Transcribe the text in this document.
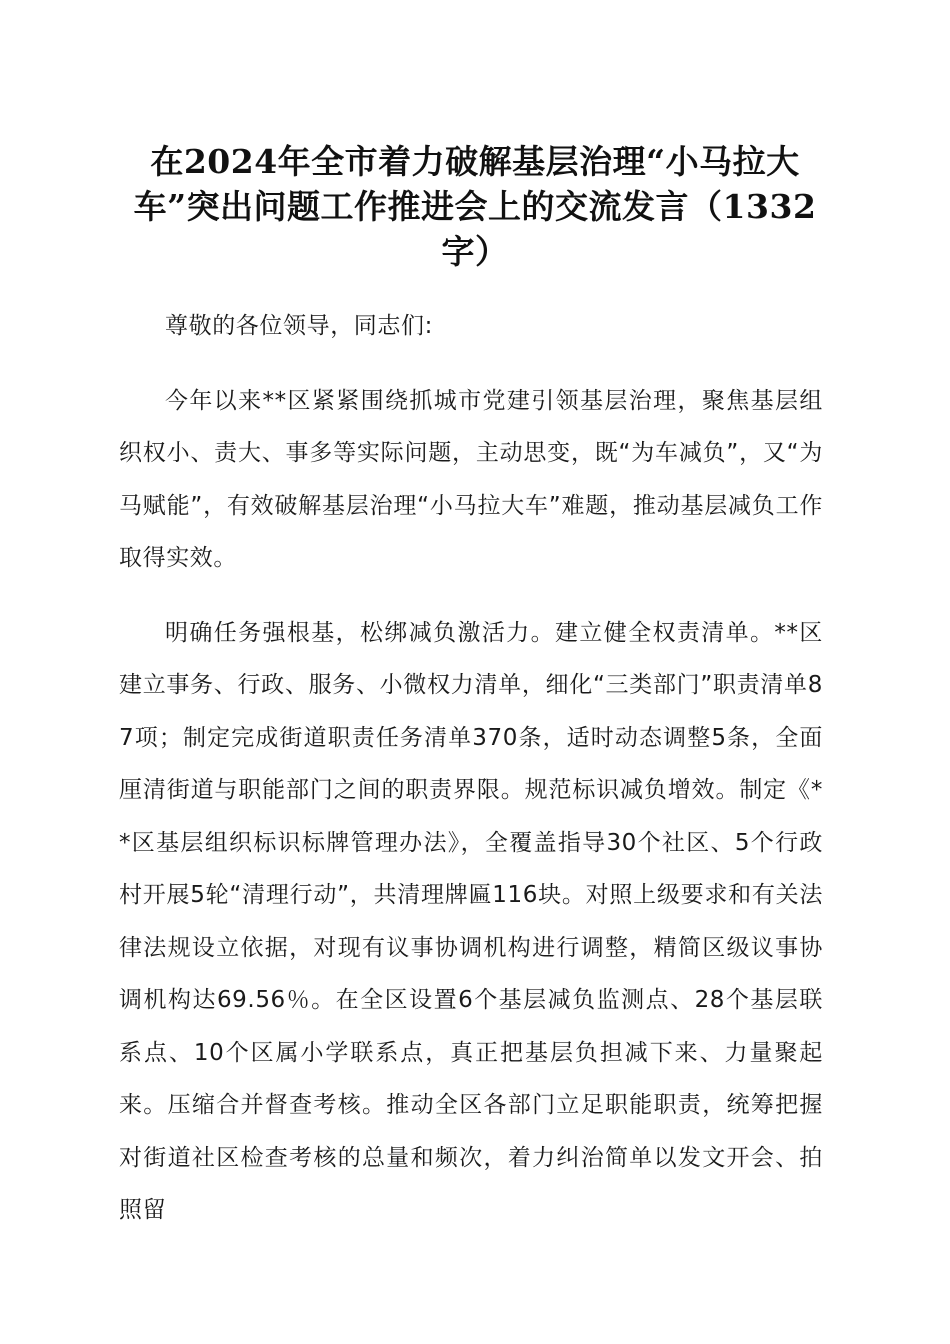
在2024年全市着力破解基层治理“小马拉大车”突出问题工作推进会上的交流发言（1332字）

尊敬的各位领导，同志们:

今年以来**区紧紧围绕抓城市党建引领基层治理，聚焦基层组织权小、责大、事多等实际问题，主动思变，既“为车减负”，又“为马赋能”，有效破解基层治理“小马拉大车”难题，推动基层减负工作取得实效。

明确任务强根基，松绑减负激活力。建立健全权责清单。**区建立事务、行政、服务、小微权力清单，细化“三类部门”职责清单87项；制定完成街道职责任务清单370条，适时动态调整5条，全面厘清街道与职能部门之间的职责界限。规范标识减负增效。制定《**区基层组织标识标牌管理办法》，全覆盖指导30个社区、5个行政村开展5轮“清理行动”，共清理牌匾116块。对照上级要求和有关法律法规设立依据，对现有议事协调机构进行调整，精简区级议事协调机构达69.56％。在全区设置6个基层减负监测点、28个基层联系点、10个区属小学联系点，真正把基层负担减下来、力量聚起来。压缩合并督查考核。推动全区各部门立足职能职责，统筹把握对街道社区检查考核的总量和频次，着力纠治简单以发文开会、拍照留
